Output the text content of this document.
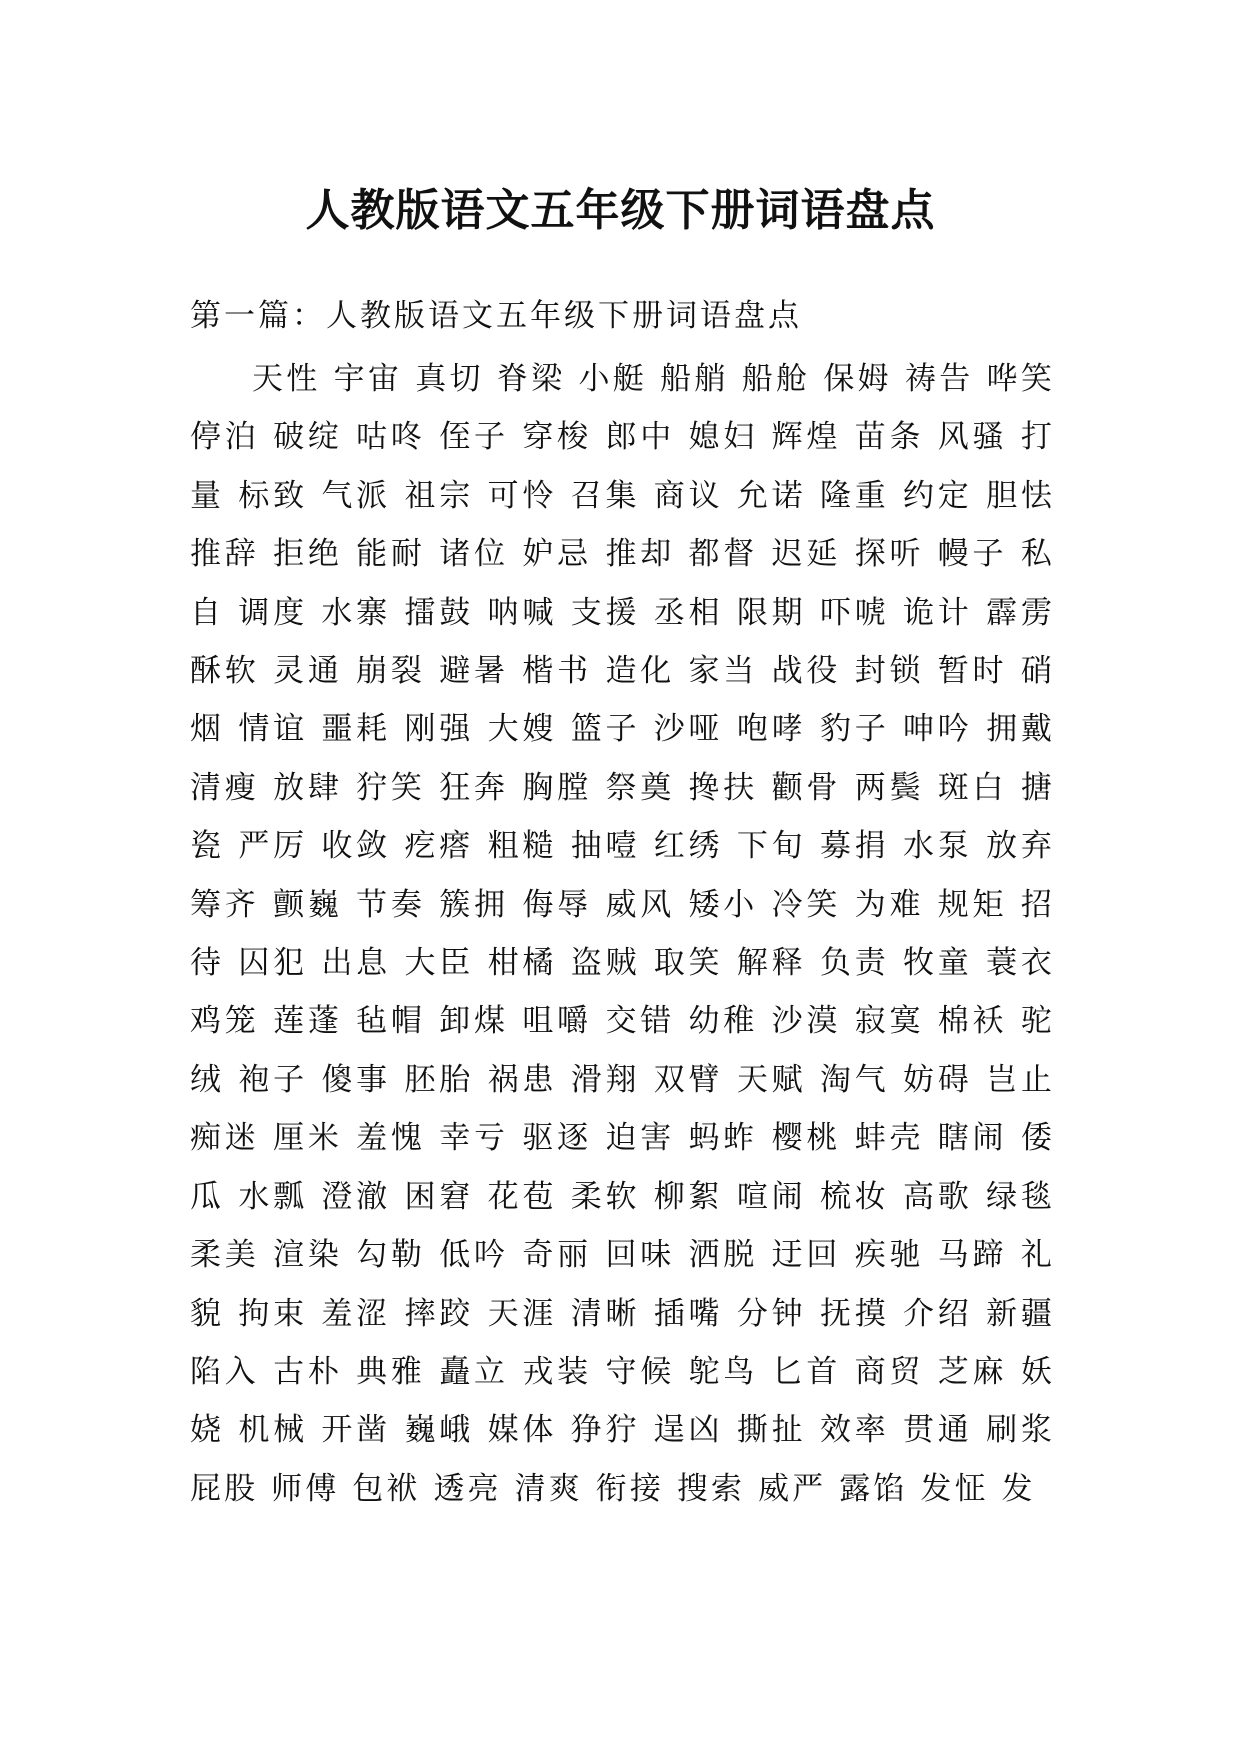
人教版语文五年级下册词语盘点
第一篇：人教版语文五年级下册词语盘点

天性 宇宙 真切 脊梁 小艇 船艄 船舱 保姆 祷告 哗笑 停泊 破绽 咕咚 侄子 穿梭 郎中 媳妇 辉煌 苗条 风骚 打量 标致 气派 祖宗 可怜 召集 商议 允诺 隆重 约定 胆怯 推辞 拒绝 能耐 诸位 妒忌 推却 都督 迟延 探听 幔子 私自 调度 水寨 擂鼓 呐喊 支援 丞相 限期 吓唬 诡计 霹雳 酥软 灵通 崩裂 避暑 楷书 造化 家当 战役 封锁 暂时 硝烟 情谊 噩耗 刚强 大嫂 篮子 沙哑 咆哮 豹子 呻吟 拥戴 清瘦 放肆 狞笑 狂奔 胸膛 祭奠 搀扶 颧骨 两鬓 斑白 搪瓷 严厉 收敛 疙瘩 粗糙 抽噎 红绣 下旬 募捐 水泵 放弃 筹齐 颤巍 节奏 簇拥 侮辱 威风 矮小 冷笑 为难 规矩 招待 囚犯 出息 大臣 柑橘 盗贼 取笑 解释 负责 牧童 蓑衣 鸡笼 莲蓬 毡帽 卸煤 咀嚼 交错 幼稚 沙漠 寂寞 棉袄 驼绒 袍子 傻事 胚胎 祸患 滑翔 双臂 天赋 淘气 妨碍 岂止 痴迷 厘米 羞愧 幸亏 驱逐 迫害 蚂蚱 樱桃 蚌壳 瞎闹 倭瓜 水瓢 澄澈 困窘 花苞 柔软 柳絮 喧闹 梳妆 高歌 绿毯 柔美 渲染 勾勒 低吟 奇丽 回味 洒脱 迂回 疾驰 马蹄 礼貌 拘束 羞涩 摔跤 天涯 清晰 插嘴 分钟 抚摸 介绍 新疆 陷入 古朴 典雅 矗立 戎装 守候 鸵鸟 匕首 商贸 芝麻 妖娆 机械 开凿 巍峨 媒体 狰狞 逞凶 撕扯 效率 贯通 刷浆 屁股 师傅 包袱 透亮 清爽 衔接 搜索 威严 露馅 发怔 发
